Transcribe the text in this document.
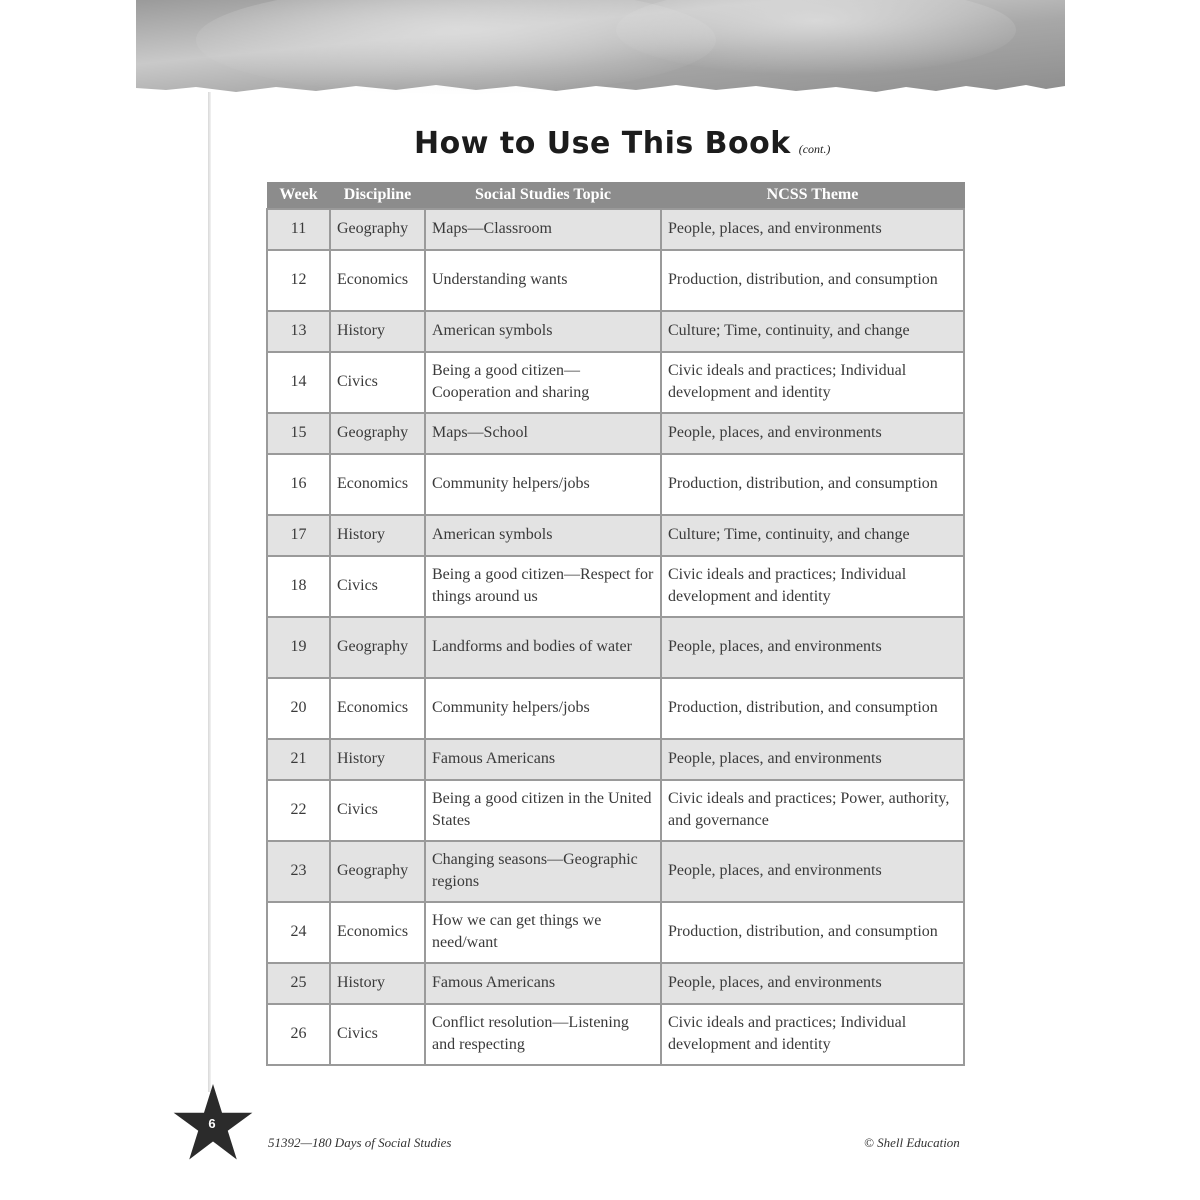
How to Use This Book (cont.)
Week	Discipline	Social Studies Topic	NCSS Theme
11	Geography	Maps—Classroom	People, places, and environments
12	Economics	Understanding wants	Production, distribution, and consumption
13	History	American symbols	Culture; Time, continuity, and change
14	Civics	Being a good citizen—Cooperation and sharing	Civic ideals and practices; Individual development and identity
15	Geography	Maps—School	People, places, and environments
16	Economics	Community helpers/jobs	Production, distribution, and consumption
17	History	American symbols	Culture; Time, continuity, and change
18	Civics	Being a good citizen—Respect for things around us	Civic ideals and practices; Individual development and identity
19	Geography	Landforms and bodies of water	People, places, and environments
20	Economics	Community helpers/jobs	Production, distribution, and consumption
21	History	Famous Americans	People, places, and environments
22	Civics	Being a good citizen in the United States	Civic ideals and practices; Power, authority, and governance
23	Geography	Changing seasons—Geographic regions	People, places, and environments
24	Economics	How we can get things we need/want	Production, distribution, and consumption
25	History	Famous Americans	People, places, and environments
26	Civics	Conflict resolution—Listening and respecting	Civic ideals and practices; Individual development and identity
6
51392—180 Days of Social Studies	© Shell Education
